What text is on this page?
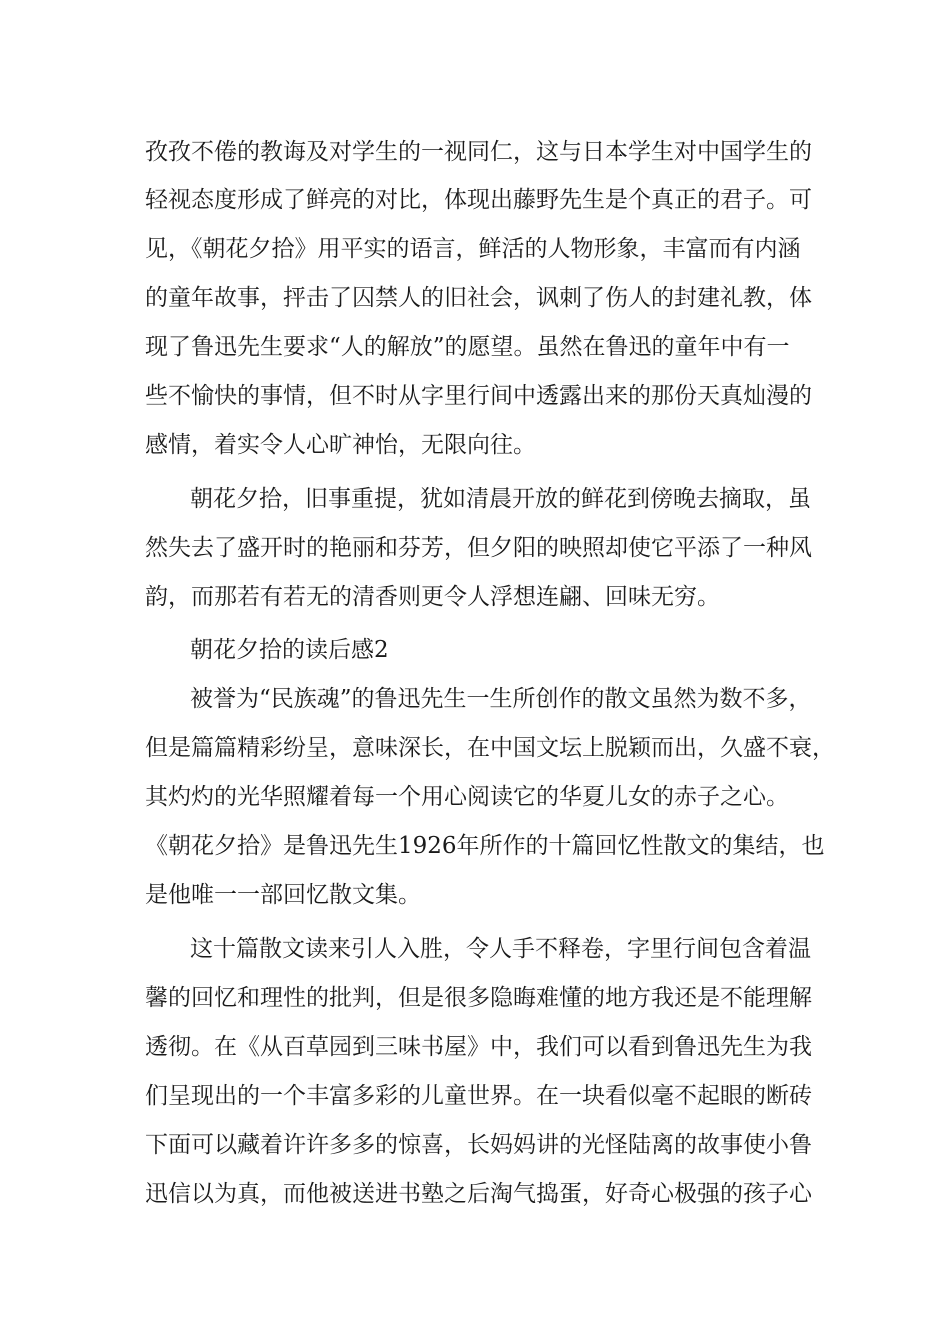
孜孜不倦的教诲及对学生的一视同仁，这与日本学生对中国学生的
轻视态度形成了鲜亮的对比，体现出藤野先生是个真正的君子。可
见，《朝花夕拾》用平实的语言，鲜活的人物形象，丰富而有内涵
的童年故事，抨击了囚禁人的旧社会，讽刺了伤人的封建礼教，体
现了鲁迅先生要求“人的解放”的愿望。虽然在鲁迅的童年中有一
些不愉快的事情，但不时从字里行间中透露出来的那份天真灿漫的
感情，着实令人心旷神怡，无限向往。
朝花夕拾，旧事重提，犹如清晨开放的鲜花到傍晚去摘取，虽
然失去了盛开时的艳丽和芬芳，但夕阳的映照却使它平添了一种风
韵，而那若有若无的清香则更令人浮想连翩、回味无穷。
朝花夕拾的读后感2
被誉为“民族魂”的鲁迅先生一生所创作的散文虽然为数不多，
但是篇篇精彩纷呈，意味深长，在中国文坛上脱颖而出，久盛不衰，
其灼灼的光华照耀着每一个用心阅读它的华夏儿女的赤子之心。
《朝花夕拾》是鲁迅先生1926年所作的十篇回忆性散文的集结，也
是他唯一一部回忆散文集。
这十篇散文读来引人入胜，令人手不释卷，字里行间包含着温
馨的回忆和理性的批判，但是很多隐晦难懂的地方我还是不能理解
透彻。在《从百草园到三味书屋》中，我们可以看到鲁迅先生为我
们呈现出的一个丰富多彩的儿童世界。在一块看似毫不起眼的断砖
下面可以藏着许许多多的惊喜，长妈妈讲的光怪陆离的故事使小鲁
迅信以为真，而他被送进书塾之后淘气捣蛋，好奇心极强的孩子心
